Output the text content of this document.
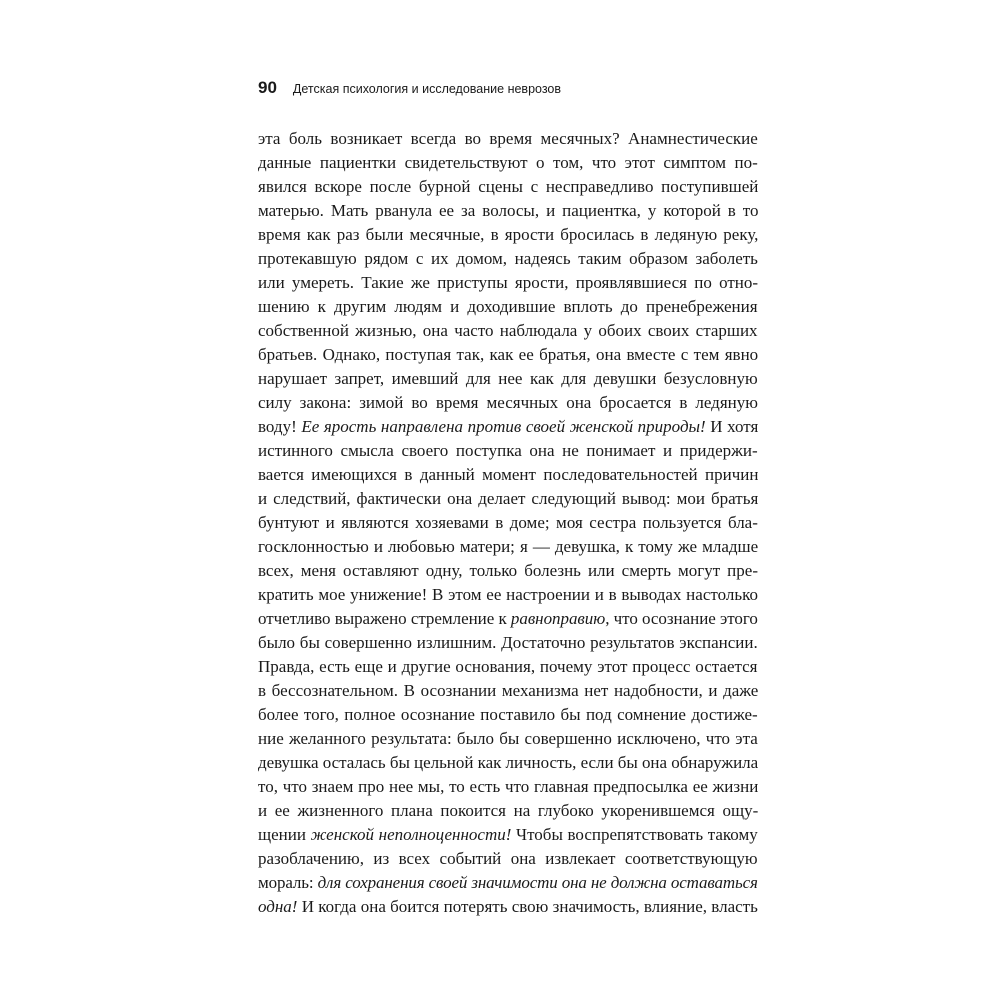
90 Детская психология и исследование неврозов
эта боль возникает всегда во время месячных? Анамнестические
данные пациентки свидетельствуют о том, что этот симптом по-
явился вскоре после бурной сцены с несправедливо поступившей
матерью. Мать рванула ее за волосы, и пациентка, у которой в то
время как раз были месячные, в ярости бросилась в ледяную реку,
протекавшую рядом с их домом, надеясь таким образом заболеть
или умереть. Такие же приступы ярости, проявлявшиеся по отно-
шению к другим людям и доходившие вплоть до пренебрежения
собственной жизнью, она часто наблюдала у обоих своих старших
братьев. Однако, поступая так, как ее братья, она вместе с тем явно
нарушает запрет, имевший для нее как для девушки безусловную
силу закона: зимой во время месячных она бросается в ледяную
воду! Ее ярость направлена против своей женской природы! И хотя
истинного смысла своего поступка она не понимает и придержи-
вается имеющихся в данный момент последовательностей причин
и следствий, фактически она делает следующий вывод: мои братья
бунтуют и являются хозяевами в доме; моя сестра пользуется бла-
госклонностью и любовью матери; я — девушка, к тому же младше
всех, меня оставляют одну, только болезнь или смерть могут пре-
кратить мое унижение! В этом ее настроении и в выводах настолько
отчетливо выражено стремление к равноправию, что осознание этого
было бы совершенно излишним. Достаточно результатов экспансии.
Правда, есть еще и другие основания, почему этот процесс остается
в бессознательном. В осознании механизма нет надобности, и даже
более того, полное осознание поставило бы под сомнение достиже-
ние желанного результата: было бы совершенно исключено, что эта
девушка осталась бы цельной как личность, если бы она обнаружила
то, что знаем про нее мы, то есть что главная предпосылка ее жизни
и ее жизненного плана покоится на глубоко укоренившемся ощу-
щении женской неполноценности! Чтобы воспрепятствовать такому
разоблачению, из всех событий она извлекает соответствующую
мораль: для сохранения своей значимости она не должна оставаться
одна! И когда она боится потерять свою значимость, влияние, власть
